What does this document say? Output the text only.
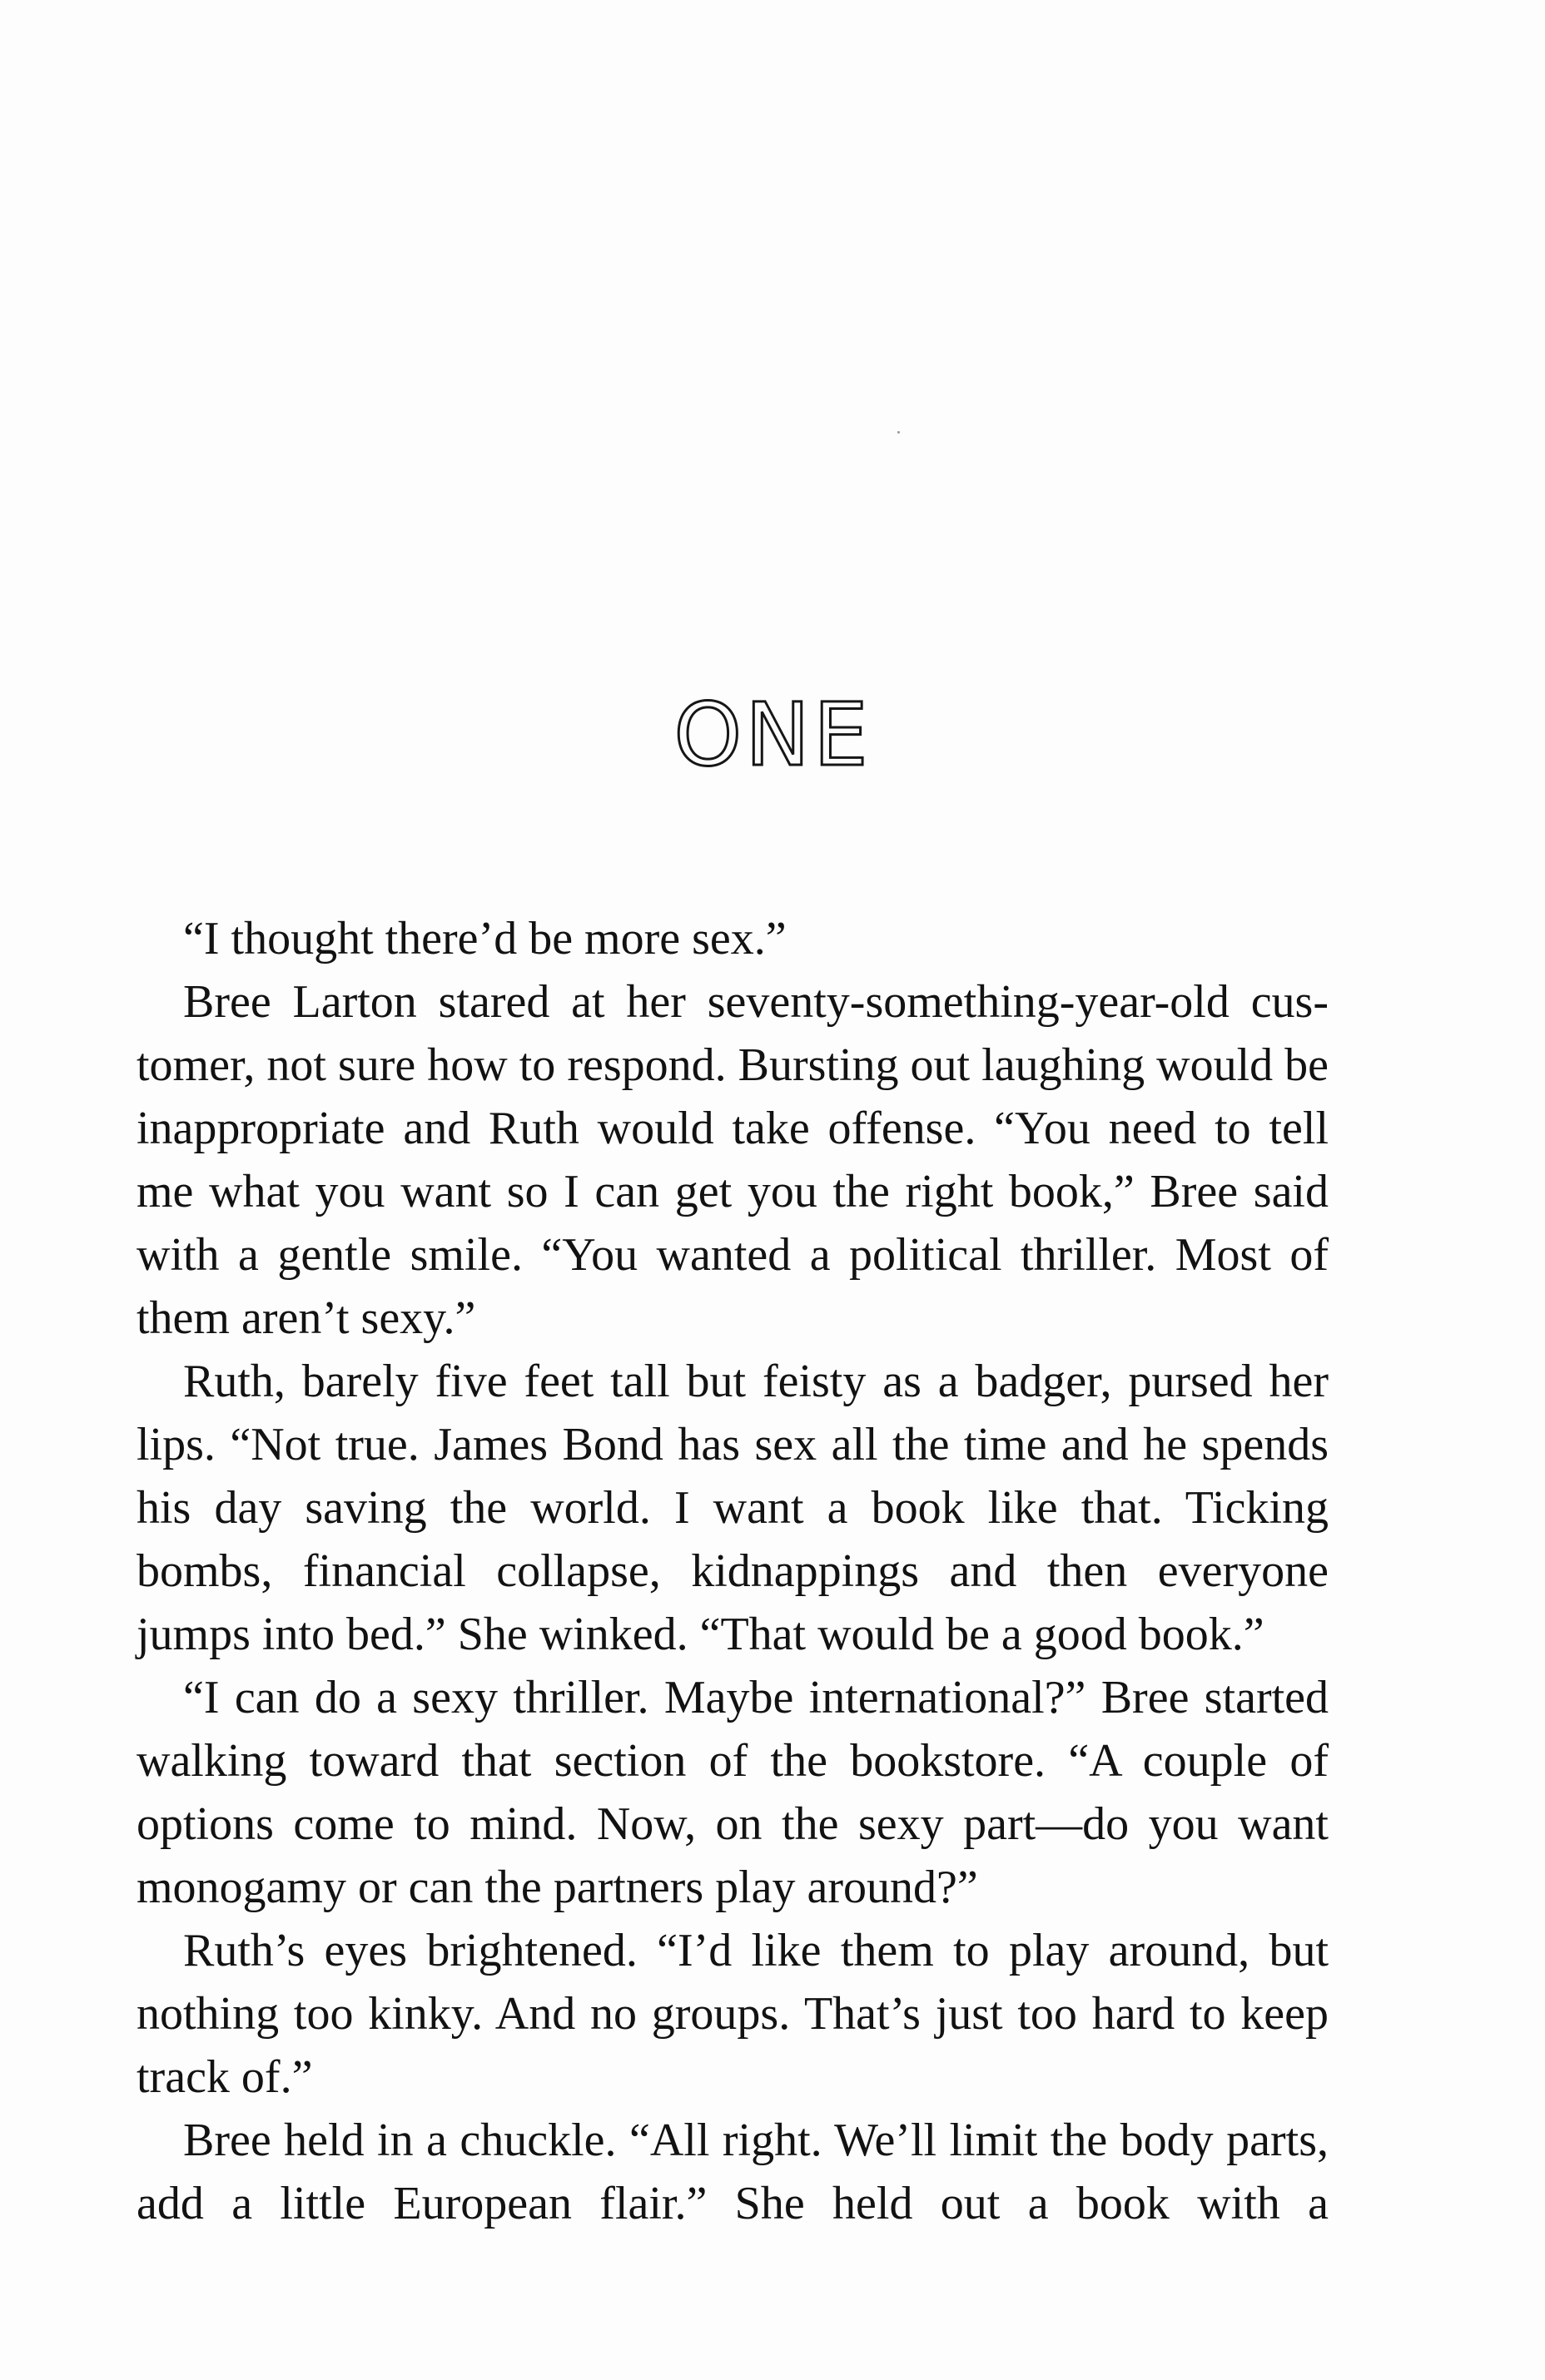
ONE

“I thought there’d be more sex.”

Bree Larton stared at her seventy-something-year-old customer, not sure how to respond. Bursting out laughing would be inappropriate and Ruth would take offense. “You need to tell me what you want so I can get you the right book,” Bree said with a gentle smile. “You wanted a political thriller. Most of them aren’t sexy.”

Ruth, barely five feet tall but feisty as a badger, pursed her lips. “Not true. James Bond has sex all the time and he spends his day saving the world. I want a book like that. Ticking bombs, financial collapse, kidnappings and then everyone jumps into bed.” She winked. “That would be a good book.”

“I can do a sexy thriller. Maybe international?” Bree started walking toward that section of the bookstore. “A couple of options come to mind. Now, on the sexy part—do you want monogamy or can the partners play around?”

Ruth’s eyes brightened. “I’d like them to play around, but nothing too kinky. And no groups. That’s just too hard to keep track of.”

Bree held in a chuckle. “All right. We’ll limit the body parts, add a little European flair.” She held out a book with a
